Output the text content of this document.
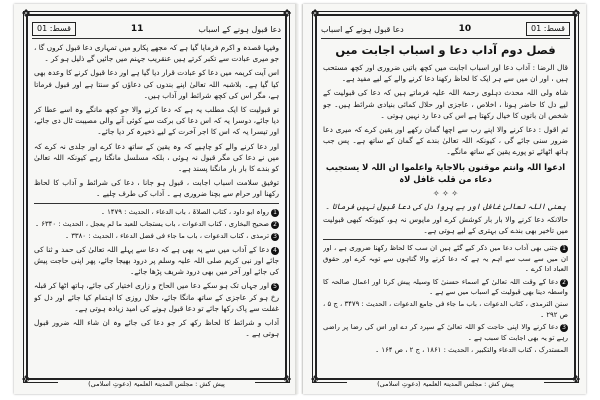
❖	❖
❖	❖
دعا قبول ہونے کے اسباب
11
قسط: 01

وفیہا قصدہ و اکرم فرمایا گیا ہے کہ مجھے پکارو میں تمہاری دعا قبول کروں گا ، جو میری عبادت سے تکبر کرتے ہیں عنقریب جہنم میں جائیں گے ذلیل ہو کر ۔

اس آیت کریمہ میں دعا کو عبادت قرار دیا گیا ہے اور دعا قبول کرنے کا وعدہ بھی کیا گیا ہے۔ بلاشبہ اللہ تعالیٰ اپنے بندوں کی دعاؤں کو سنتا ہے اور قبول فرماتا ہے، مگر اس کی کچھ شرائط اور آداب ہیں۔

تو قبولیت کا ایک مطلب یہ ہے کہ دعا کرنے والا جو کچھ مانگے وہ اسے عطا کر دیا جائے، دوسرا یہ کہ اس دعا کی برکت سے کوئی آنے والی مصیبت ٹال دی جائے، اور تیسرا یہ کہ اس کا اجر آخرت کے لیے ذخیرہ کر دیا جائے۔

اور دعا کرنے والے کو چاہیے کہ وہ یقین کے ساتھ دعا کرے اور جلدی نہ کرے کہ میں نے دعا کی مگر قبول نہ ہوئی ، بلکہ مسلسل مانگتا رہے کیونکہ اللہ تعالیٰ کو بندے کا بار بار مانگنا پسند ہے۔

توفیق سلامت اسباب اجابت ، قبول ہو جانا ، دعا کی شرائط و آداب کا لحاظ رکھنا اور حرام سے بچنا ضروری ہے ۔ آداب کی طرف چلیے ۔

1رواہ ابو داود ، کتاب الصلاۃ ، باب الدعاء ، الحدیث : ۱۴۷۹ ۔

2صحیح البخاری ، کتاب الدعوات ، باب یستجاب للعبد ما لم یعجل ، الحدیث : ۶۳۴۰ ۔

3ترمذی ، کتاب الدعوات ، باب ما جاء فی فضل الدعاء ، الحدیث : ۳۳۸۰ ۔

4دعا کے آداب میں سے یہ بھی ہے کہ دعا سے پہلے اللہ تعالیٰ کی حمد و ثنا کی جائے اور نبی کریم صلی اللہ علیہ وسلم پر درود بھیجا جائے، پھر اپنی حاجت پیش کی جائے اور آخر میں بھی درود شریف پڑھا جائے۔

5اور جہاں تک ہو سکے دعا میں الحاح و زاری اختیار کی جائے، ہاتھ اٹھا کر قبلہ رخ ہو کر عاجزی کے ساتھ مانگا جائے، حلال روزی کا اہتمام کیا جائے اور دل کو غفلت سے پاک رکھا جائے تو دعا قبول ہونے کی امید زیادہ ہوتی ہے۔

آداب و شرائط کا لحاظ رکھ کر جو دعا کی جائے وہ ان شاء اللہ ضرور قبول ہوتی ہے ۔

پیش کش : مجلس المدینۃ العلمیۃ (دعوتِ اسلامی)
❖	❖
❖	❖
قسط: 01
10
دعا قبول ہونے کے اسباب
فصل دوم آداب دعا و اسباب اجابت میں

قال الرضا : آداب دعا اور اسباب اجابت میں کچھ باتیں ضروری اور کچھ مستحب ہیں ، اور ان میں سے ہر ایک کا لحاظ رکھنا دعا کرنے والے کے لیے مفید ہے۔

شاہ ولی اللہ محدث دہلوی رحمۃ اللہ علیہ فرماتے ہیں کہ دعا کی قبولیت کے لیے دل کا حاضر ہونا ، اخلاص ، عاجزی اور حلال کمائی بنیادی شرائط ہیں۔ جو شخص ان باتوں کا خیال رکھتا ہے اس کی دعا رد نہیں ہوتی ۔

ثم اقول : دعا کرنے والا اپنے رب سے اچھا گمان رکھے اور یقین کرے کہ میری دعا ضرور سنی جائے گی ، کیونکہ اللہ تعالیٰ بندے کے گمان کے ساتھ ہے۔ پس جب ہاتھ اٹھائے تو پورے یقین کے ساتھ مانگے۔

ادعوا اللہ وانتم موقنون بالاجابۃ واعلموا ان اللہ لا یستجیب دعاء من قلب غافل لاہ
✧ ✧ ✧
یعنی اللہ تعالیٰ غافل اور بے پروا دل کی دعا قبول نہیں فرماتا ۔

حالانکہ دعا کرنے والا بار بار کوشش کرے اور مایوس نہ ہو، کیونکہ کبھی قبولیت میں تاخیر بھی بندے کی بہتری کے لیے ہوتی ہے۔

1جتنی بھی آداب دعا میں ذکر کیے گئے ہیں ان سب کا لحاظ رکھنا ضروری ہے ، اور ان میں سے سب سے اہم یہ ہے کہ دعا کرنے والا گناہوں سے توبہ کرے اور حقوق العباد ادا کرے ۔

2دعا کے وقت اللہ تعالیٰ کے اسماء حسنیٰ کا وسیلہ پیش کرنا اور اعمال صالحہ کا واسطہ دینا بھی قبولیت کے اسباب میں سے ہے ۔

سنن الترمذی ، کتاب الدعوات ، باب ما جاء فی جامع الدعوات ، الحدیث : ۳۴۷۹ ، ج ۵ ، ص ۲۹۲ ۔

3دعا کرنے والا اپنی حاجت کو اللہ تعالیٰ کے سپرد کر دے اور اس کی رضا پر راضی رہے تو یہ بھی اجابت کا سبب ہے ۔

المستدرک ، کتاب الدعاء والتکبیر ، الحدیث : ۱۸۶۱ ، ج ۲ ، ص ۱۶۴ ۔

پیش کش : مجلس المدینۃ العلمیۃ (دعوتِ اسلامی)
